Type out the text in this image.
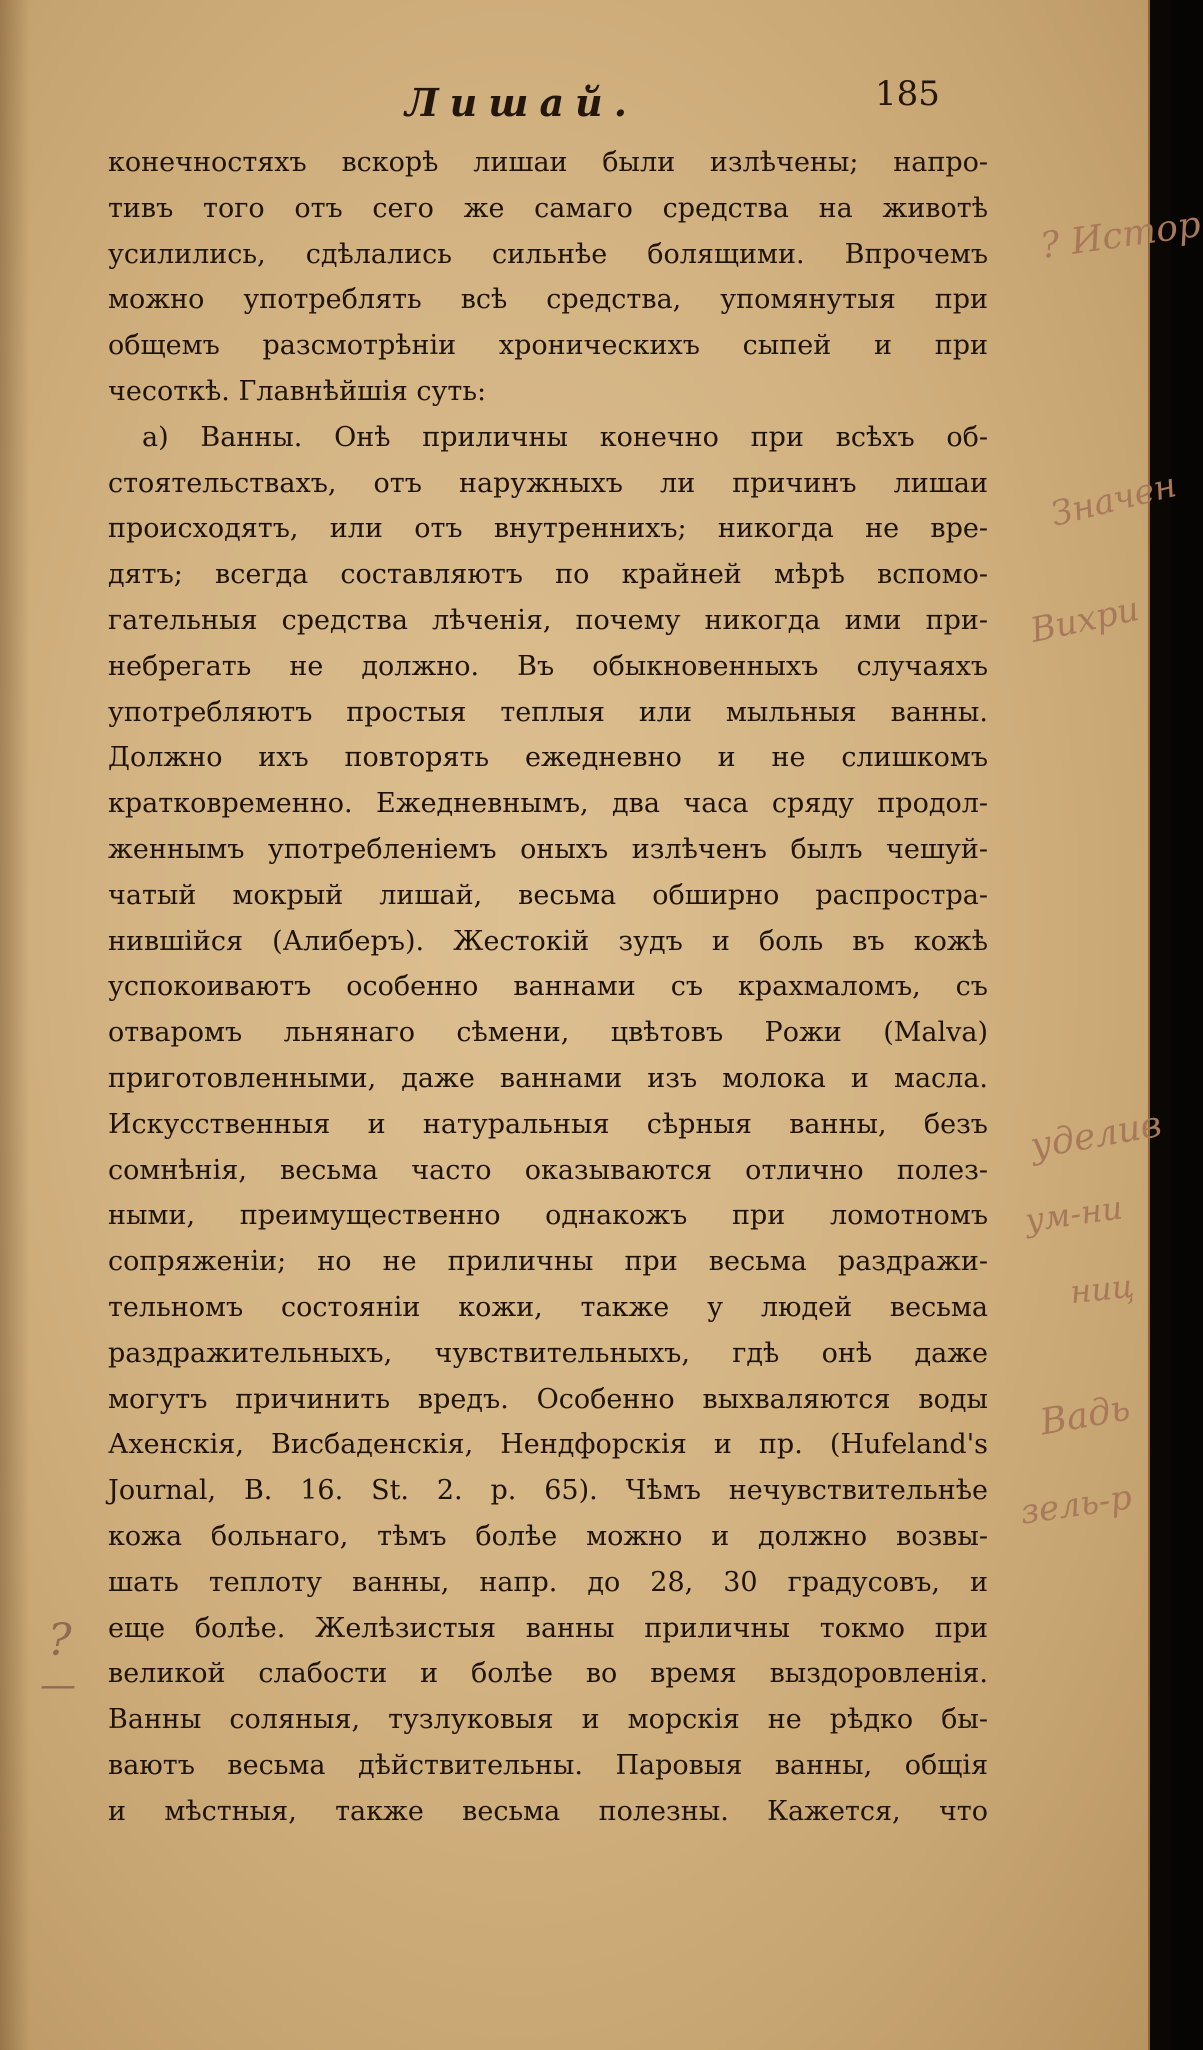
Лишай.	185
конечностяхъ вскорѣ лишаи были излѣчены; напро-
тивъ того отъ сего же самаго средства на животѣ
усилились, сдѣлались сильнѣе болящими. Впрочемъ
можно употреблять всѣ средства, упомянутыя при
общемъ разсмотрѣніи хроническихъ сыпей и при
чесоткѣ. Главнѣйшія суть:
а) Ванны. Онѣ приличны конечно при всѣхъ об-
стоятельствахъ, отъ наружныхъ ли причинъ лишаи
происходятъ, или отъ внутреннихъ; никогда не вре-
дятъ; всегда составляютъ по крайней мѣрѣ вспомо-
гательныя средства лѣченія, почему никогда ими при-
небрегать не должно. Въ обыкновенныхъ случаяхъ
употребляютъ простыя теплыя или мыльныя ванны.
Должно ихъ повторять ежедневно и не слишкомъ
кратковременно. Ежедневнымъ, два часа сряду продол-
женнымъ употребленіемъ оныхъ излѣченъ былъ чешуй-
чатый мокрый лишай, весьма обширно распростра-
нившійся (Алиберъ). Жестокій зудъ и боль въ кожѣ
успокоиваютъ особенно ваннами съ крахмаломъ, съ
отваромъ льнянаго сѣмени, цвѣтовъ Рожи (Malva)
приготовленными, даже ваннами изъ молока и масла.
Искусственныя и натуральныя сѣрныя ванны, безъ
сомнѣнія, весьма часто оказываются отлично полез-
ными, преимущественно однакожъ при ломотномъ
сопряженіи; но не приличны при весьма раздражи-
тельномъ состояніи кожи, также у людей весьма
раздражительныхъ, чувствительныхъ, гдѣ онѣ даже
могутъ причинить вредъ. Особенно выхваляются воды
Ахенскія, Висбаденскія, Нендфорскія и пр. (Hufeland's
Journal, B. 16. St. 2. p. 65). Чѣмъ нечувствительнѣе
кожа больнаго, тѣмъ болѣе можно и должно возвы-
шать теплоту ванны, напр. до 28, 30 градусовъ, и
еще болѣе. Желѣзистыя ванны приличны токмо при
великой слабости и болѣе во время выздоровленія.
Ванны соляныя, тузлуковыя и морскія не рѣдко бы-
ваютъ весьма дѣйствительны. Паровыя ванны, общія
и мѣстныя, также весьма полезны. Кажется, что
? Истор
Значен
Вихри
уделив
ум-ни
ниц
Вадь
зель-р
?
—
